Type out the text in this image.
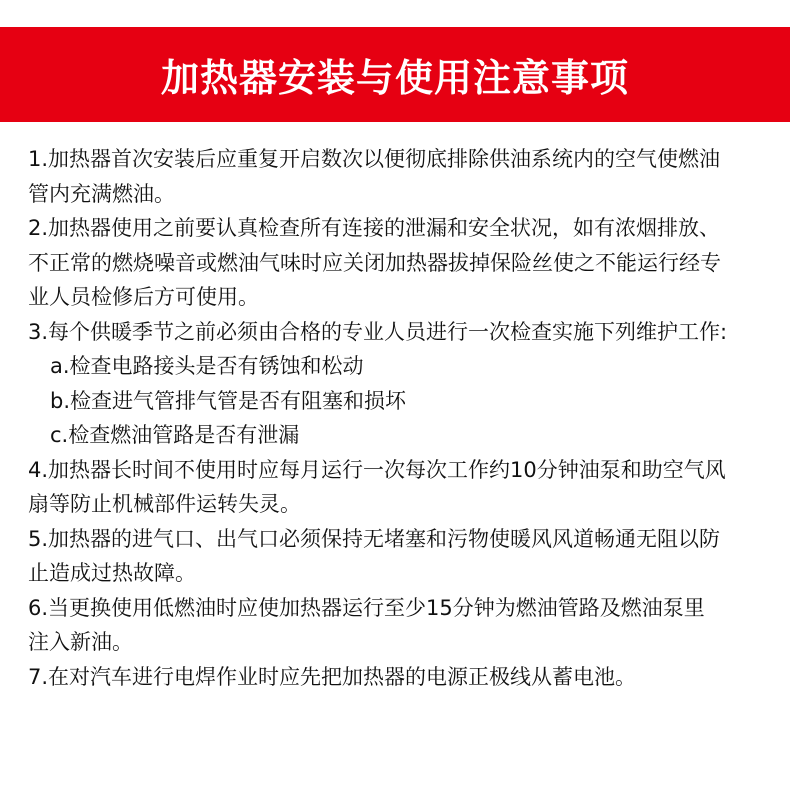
加热器安装与使用注意事项
1.加热器首次安装后应重复开启数次以便彻底排除供油系统内的空气使燃油
管内充满燃油。
2.加热器使用之前要认真检查所有连接的泄漏和安全状况，如有浓烟排放、
不正常的燃烧噪音或燃油气味时应关闭加热器拔掉保险丝使之不能运行经专
业人员检修后方可使用。
3.每个供暖季节之前必须由合格的专业人员进行一次检查实施下列维护工作:
a.检查电路接头是否有锈蚀和松动
b.检查进气管排气管是否有阻塞和损坏
c.检查燃油管路是否有泄漏
4.加热器长时间不使用时应每月运行一次每次工作约10分钟油泵和助空气风
扇等防止机械部件运转失灵。
5.加热器的进气口、出气口必须保持无堵塞和污物使暖风风道畅通无阻以防
止造成过热故障。
6.当更换使用低燃油时应使加热器运行至少15分钟为燃油管路及燃油泵里
注入新油。
7.在对汽车进行电焊作业时应先把加热器的电源正极线从蓄电池。
